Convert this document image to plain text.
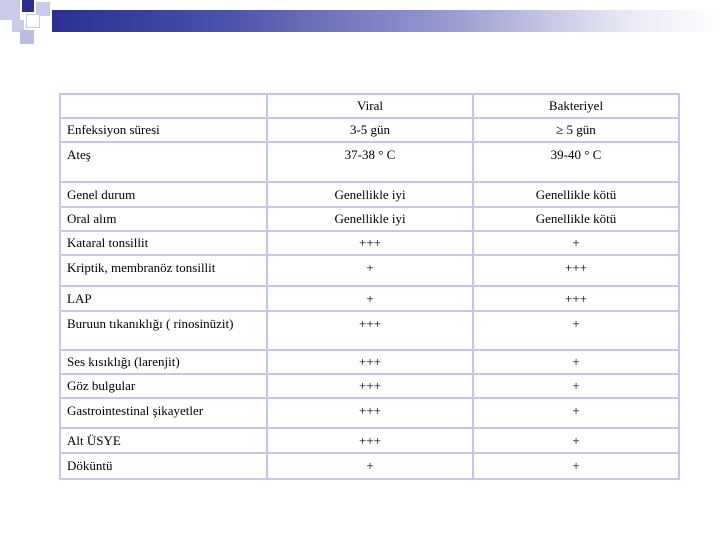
	Viral	Bakteriyel
Enfeksiyon süresi	3-5 gün	≥ 5 gün
Ateş	37-38 ° C	39-40 ° C
Genel durum	Genellikle iyi	Genellikle kötü
Oral alım	Genellikle iyi	Genellikle kötü
Kataral tonsillit	+++	+
Kriptik, membranöz tonsillit	+	+++
LAP	+	+++
Buruun tıkanıklığı ( rinosinüzit)	+++	+
Ses kısıklığı (larenjit)	+++	+
Göz bulgular	+++	+
Gastrointestinal şikayetler	+++	+
Alt ÜSYE	+++	+
Döküntü	+	+
